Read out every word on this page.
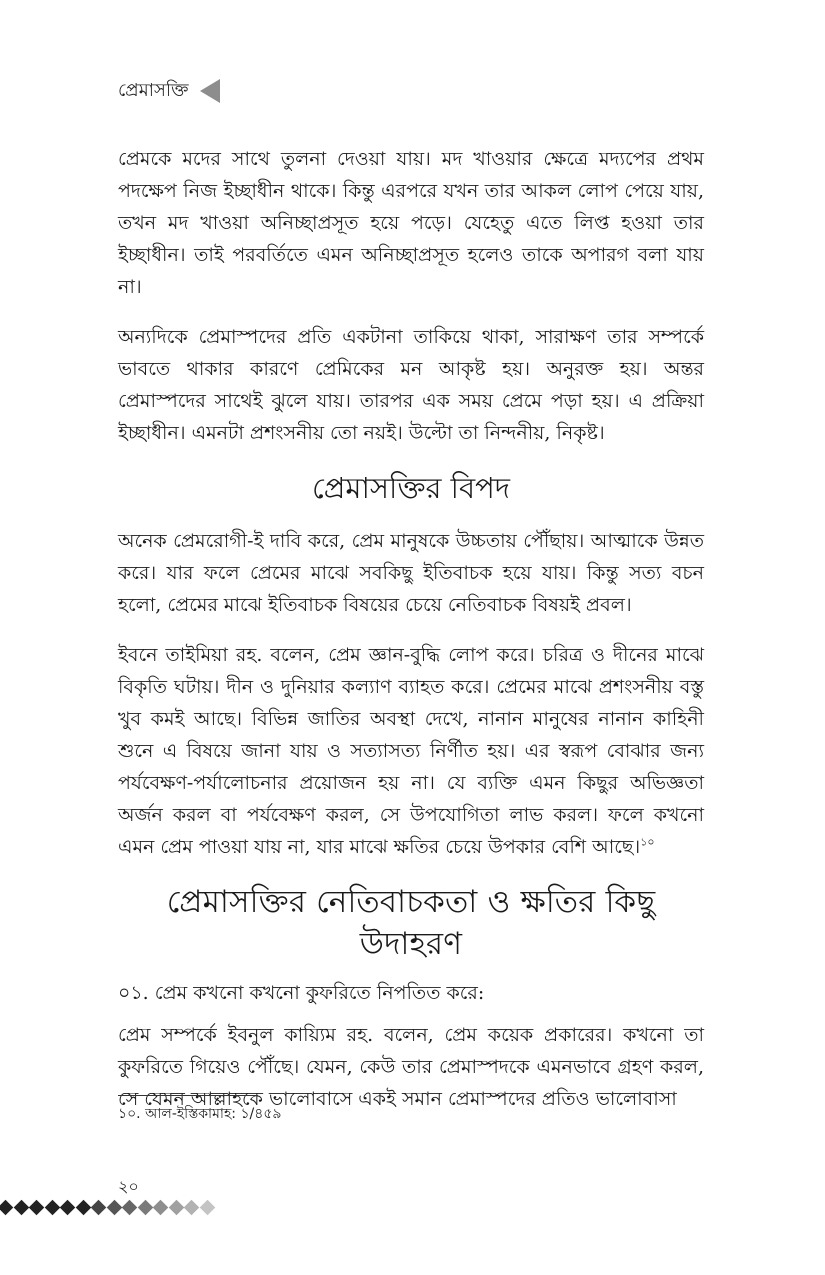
প্রেমাসক্তি

প্রেমকে মদের সাথে তুলনা দেওয়া যায়। মদ খাওয়ার ক্ষেত্রে মদ্যপের প্রথম পদক্ষেপ নিজ ইচ্ছাধীন থাকে। কিন্তু এরপরে যখন তার আকল লোপ পেয়ে যায়, তখন মদ খাওয়া অনিচ্ছাপ্রসূত হয়ে পড়ে। যেহেতু এতে লিপ্ত হওয়া তার ইচ্ছাধীন। তাই পরবর্তিতে এমন অনিচ্ছাপ্রসূত হলেও তাকে অপারগ বলা যায় না।

অন্যদিকে প্রেমাস্পদের প্রতি একটানা তাকিয়ে থাকা, সারাক্ষণ তার সম্পর্কে ভাবতে থাকার কারণে প্রেমিকের মন আকৃষ্ট হয়। অনুরক্ত হয়। অন্তর প্রেমাস্পদের সাথেই ঝুলে যায়। তারপর এক সময় প্রেমে পড়া হয়। এ প্রক্রিয়া ইচ্ছাধীন। এমনটা প্রশংসনীয় তো নয়ই। উল্টো তা নিন্দনীয়, নিকৃষ্ট।

প্রেমাসক্তির বিপদ

অনেক প্রেমরোগী-ই দাবি করে, প্রেম মানুষকে উচ্চতায় পৌঁছায়। আত্মাকে উন্নত করে। যার ফলে প্রেমের মাঝে সবকিছু ইতিবাচক হয়ে যায়। কিন্তু সত্য বচন হলো, প্রেমের মাঝে ইতিবাচক বিষয়ের চেয়ে নেতিবাচক বিষয়ই প্রবল।

ইবনে তাইমিয়া রহ. বলেন, প্রেম জ্ঞান-বুদ্ধি লোপ করে। চরিত্র ও দীনের মাঝে বিকৃতি ঘটায়। দীন ও দুনিয়ার কল্যাণ ব্যাহত করে। প্রেমের মাঝে প্রশংসনীয় বস্তু খুব কমই আছে। বিভিন্ন জাতির অবস্থা দেখে, নানান মানুষের নানান কাহিনী শুনে এ বিষয়ে জানা যায় ও সত্যাসত্য নির্ণীত হয়। এর স্বরূপ বোঝার জন্য পর্যবেক্ষণ-পর্যালোচনার প্রয়োজন হয় না। যে ব্যক্তি এমন কিছুর অভিজ্ঞতা অর্জন করল বা পর্যবেক্ষণ করল, সে উপযোগিতা লাভ করল। ফলে কখনো এমন প্রেম পাওয়া যায় না, যার মাঝে ক্ষতির চেয়ে উপকার বেশি আছে।$^{১০}$

প্রেমাসক্তির নেতিবাচকতা ও ক্ষতির কিছু উদাহরণ

০১. প্রেম কখনো কখনো কুফরিতে নিপতিত করে:

প্রেম সম্পর্কে ইবনুল কায়্যিম রহ. বলেন, প্রেম কয়েক প্রকারের। কখনো তা কুফরিতে গিয়েও পৌঁছে। যেমন, কেউ তার প্রেমাস্পদকে এমনভাবে গ্রহণ করল, সে যেমন আল্লাহকে ভালোবাসে একই সমান প্রেমাস্পদের প্রতিও ভালোবাসা

১০. আল-ইস্তিকামাহ: ১/৪৫৯
২০
